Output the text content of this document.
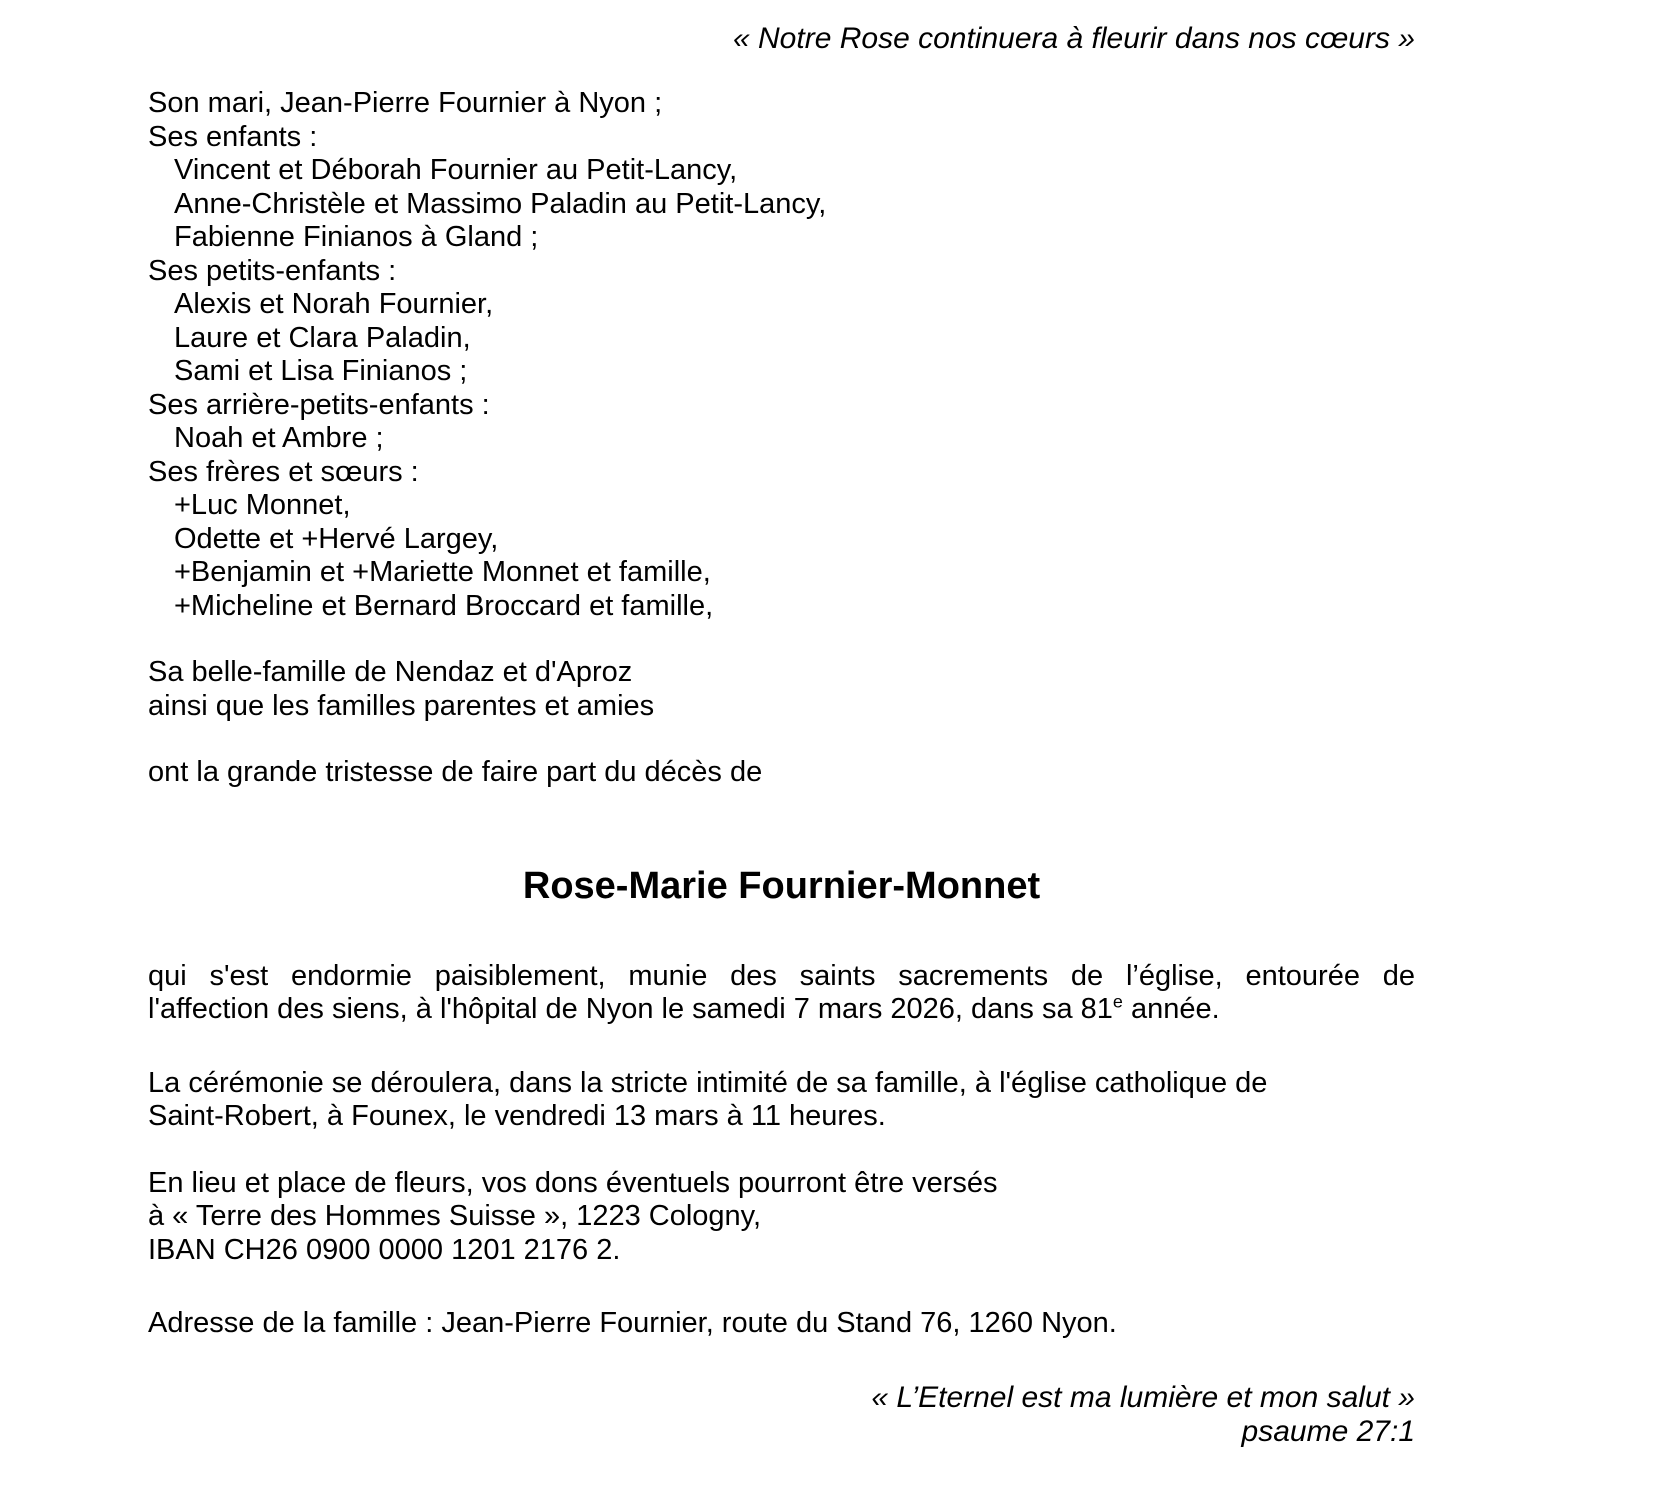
« Notre Rose continuera à fleurir dans nos cœurs »
Son mari, Jean-Pierre Fournier à Nyon ;
Ses enfants :
Vincent et Déborah Fournier au Petit-Lancy,
Anne-Christèle et Massimo Paladin au Petit-Lancy,
Fabienne Finianos à Gland ;
Ses petits-enfants :
Alexis et Norah Fournier,
Laure et Clara Paladin,
Sami et Lisa Finianos ;
Ses arrière-petits-enfants :
Noah et Ambre ;
Ses frères et sœurs :
+Luc Monnet,
Odette et +Hervé Largey,
+Benjamin et +Mariette Monnet et famille,
+Micheline et Bernard Broccard et famille,
Sa belle-famille de Nendaz et d'Aproz
ainsi que les familles parentes et amies
ont la grande tristesse de faire part du décès de
Rose-Marie Fournier-Monnet
qui s'est endormie paisiblement, munie des saints sacrements de l’église, entourée de
l'affection des siens, à l'hôpital de Nyon le samedi 7 mars 2026, dans sa 81e année.
La cérémonie se déroulera, dans la stricte intimité de sa famille, à l'église catholique de
Saint-Robert, à Founex, le vendredi 13 mars à 11 heures.
En lieu et place de fleurs, vos dons éventuels pourront être versés
à « Terre des Hommes Suisse », 1223 Cologny,
IBAN CH26 0900 0000 1201 2176 2.
Adresse de la famille : Jean-Pierre Fournier, route du Stand 76, 1260 Nyon.
« L’Eternel est ma lumière et mon salut »
psaume 27:1
